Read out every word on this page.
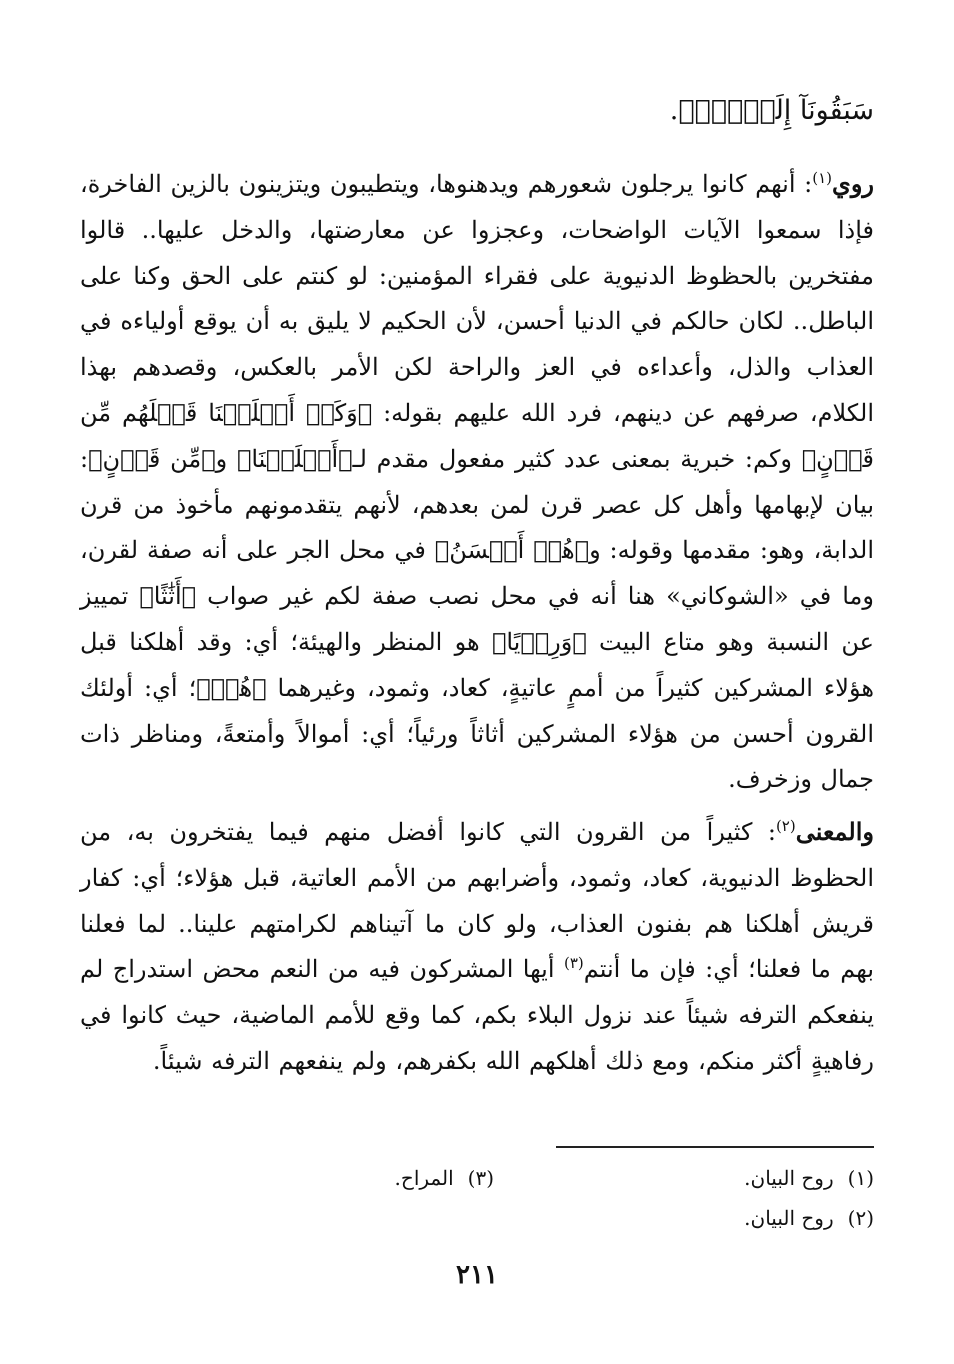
سَبَقُونَآ إِلَيۡهِۚ﴾.
روي$^{(١)}$: أنهم كانوا يرجلون شعورهم ويدهنوها، ويتطيبون ويتزينون بالزين الفاخرة، فإذا سمعوا الآيات الواضحات، وعجزوا عن معارضتها، والدخل عليها.. قالوا مفتخرين بالحظوظ الدنيوية على فقراء المؤمنين: لو كنتم على الحق وكنا على الباطل.. لكان حالكم في الدنيا أحسن، لأن الحكيم لا يليق به أن يوقع أولياءه في العذاب والذل، وأعداءه في العز والراحة لكن الأمر بالعكس، وقصدهم بهذا الكلام، صرفهم عن دينهم، فرد الله عليهم بقوله: ﴿وَكَمۡ أَهۡلَكۡنَا قَبۡلَهُم مِّن قَرۡنٍ﴾ وكم: خبرية بمعنى عدد كثير مفعول مقدم لـ﴿أَهۡلَكۡنَا﴾ و﴿مِّن قَرۡنٍ﴾: بيان لإبهامها وأهل كل عصر قرن لمن بعدهم، لأنهم يتقدمونهم مأخوذ من قرن الدابة، وهو: مقدمها وقوله: و﴿هُمۡ أَحۡسَنُ﴾ في محل الجر على أنه صفة لقرن، وما في «الشوكاني» هنا أنه في محل نصب صفة لكم غير صواب ﴿أَثَٰثًا﴾ تمييز عن النسبة وهو متاع البيت ﴿وَرِءۡيًا﴾ هو المنظر والهيئة؛ أي: وقد أهلكنا قبل هؤلاء المشركين كثيراً من أممٍ عاتيةٍ، كعاد، وثمود، وغيرهما ﴿هُمۡ﴾؛ أي: أولئك القرون أحسن من هؤلاء المشركين أثاثاً ورئياً؛ أي: أموالاً وأمتعةً، ومناظر ذات جمال وزخرف.
والمعنى$^{(٢)}$: كثيراً من القرون التي كانوا أفضل منهم فيما يفتخرون به، من الحظوظ الدنيوية، كعاد، وثمود، وأضرابهم من الأمم العاتية، قبل هؤلاء؛ أي: كفار قريش أهلكنا هم بفنون العذاب، ولو كان ما آتيناهم لكرامتهم علينا.. لما فعلنا بهم ما فعلنا؛ أي: فإن ما أنتم$^{(٣)}$ أيها المشركون فيه من النعم محض استدراج لم ينفعكم الترفه شيئاً عند نزول البلاء بكم، كما وقع للأمم الماضية، حيث كانوا في رفاهيةٍ أكثر منكم، ومع ذلك أهلكهم الله بكفرهم، ولم ينفعهم الترفه شيئاً.
(١)روح البيان.
(٣)المراح.
(٢)روح البيان.
٢١١
